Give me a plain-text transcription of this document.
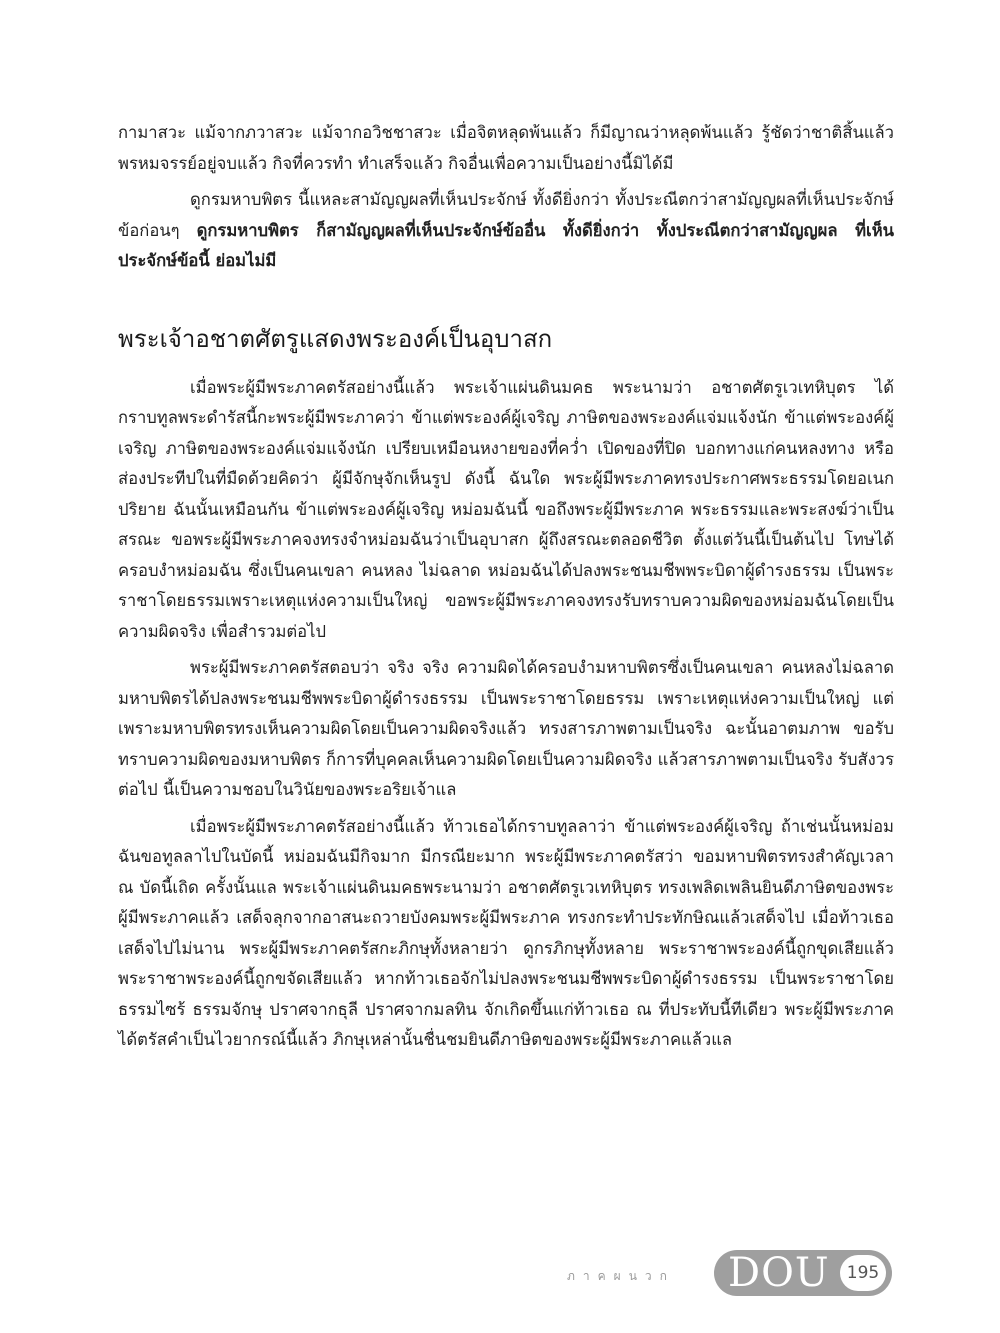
กามาสวะ แม้จากภวาสวะ แม้จากอวิชชาสวะ เมื่อจิตหลุดพ้นแล้ว ก็มีญาณว่าหลุดพ้นแล้ว รู้ชัดว่าชาติสิ้นแล้ว พรหมจรรย์อยู่จบแล้ว กิจที่ควรทำ ทำเสร็จแล้ว กิจอื่นเพื่อความเป็นอย่างนี้มิได้มี

ดูกรมหาบพิตร นี้แหละสามัญญผลที่เห็นประจักษ์ ทั้งดียิ่งกว่า ทั้งประณีตกว่าสามัญญผลที่เห็นประจักษ์ข้อก่อนๆ ดูกรมหาบพิตร ก็สามัญญผลที่เห็นประจักษ์ข้ออื่น ทั้งดียิ่งกว่า ทั้งประณีตกว่าสามัญญผล ที่เห็นประจักษ์ข้อนี้ ย่อมไม่มี

พระเจ้าอชาตศัตรูแสดงพระองค์เป็นอุบาสก

เมื่อพระผู้มีพระภาคตรัสอย่างนี้แล้ว พระเจ้าแผ่นดินมคธ พระนามว่า อชาตศัตรูเวเทหิบุตร ได้กราบทูลพระดำรัสนี้กะพระผู้มีพระภาคว่า ข้าแต่พระองค์ผู้เจริญ ภาษิตของพระองค์แจ่มแจ้งนัก ข้าแต่พระองค์ผู้เจริญ ภาษิตของพระองค์แจ่มแจ้งนัก เปรียบเหมือนหงายของที่คว่ำ เปิดของที่ปิด บอกทางแก่คนหลงทาง หรือส่องประทีปในที่มืดด้วยคิดว่า ผู้มีจักษุจักเห็นรูป ดังนี้ ฉันใด พระผู้มีพระภาคทรงประกาศพระธรรมโดยอเนกปริยาย ฉันนั้นเหมือนกัน ข้าแต่พระองค์ผู้เจริญ หม่อมฉันนี้ ขอถึงพระผู้มีพระภาค พระธรรมและพระสงฆ์ว่าเป็นสรณะ ขอพระผู้มีพระภาคจงทรงจำหม่อมฉันว่าเป็นอุบาสก ผู้ถึงสรณะตลอดชีวิต ตั้งแต่วันนี้เป็นต้นไป โทษได้ครอบงำหม่อมฉัน ซึ่งเป็นคนเขลา คนหลง ไม่ฉลาด หม่อมฉันได้ปลงพระชนมชีพพระบิดาผู้ดำรงธรรม เป็นพระราชาโดยธรรมเพราะเหตุแห่งความเป็นใหญ่ ขอพระผู้มีพระภาคจงทรงรับทราบความผิดของหม่อมฉันโดยเป็นความผิดจริง เพื่อสำรวมต่อไป

พระผู้มีพระภาคตรัสตอบว่า จริง จริง ความผิดได้ครอบงำมหาบพิตรซึ่งเป็นคนเขลา คนหลงไม่ฉลาด มหาบพิตรได้ปลงพระชนมชีพพระบิดาผู้ดำรงธรรม เป็นพระราชาโดยธรรม เพราะเหตุแห่งความเป็นใหญ่ แต่เพราะมหาบพิตรทรงเห็นความผิดโดยเป็นความผิดจริงแล้ว ทรงสารภาพตามเป็นจริง ฉะนั้นอาตมภาพ ขอรับทราบความผิดของมหาบพิตร ก็การที่บุคคลเห็นความผิดโดยเป็นความผิดจริง แล้วสารภาพตามเป็นจริง รับสังวรต่อไป นี้เป็นความชอบในวินัยของพระอริยเจ้าแล

เมื่อพระผู้มีพระภาคตรัสอย่างนี้แล้ว ท้าวเธอได้กราบทูลลาว่า ข้าแต่พระองค์ผู้เจริญ ถ้าเช่นนั้นหม่อมฉันขอทูลลาไปในบัดนี้ หม่อมฉันมีกิจมาก มีกรณียะมาก พระผู้มีพระภาคตรัสว่า ขอมหาบพิตรทรงสำคัญเวลา ณ บัดนี้เถิด ครั้งนั้นแล พระเจ้าแผ่นดินมคธพระนามว่า อชาตศัตรูเวเทหิบุตร ทรงเพลิดเพลินยินดีภาษิตของพระผู้มีพระภาคแล้ว เสด็จลุกจากอาสนะถวายบังคมพระผู้มีพระภาค ทรงกระทำประทักษิณแล้วเสด็จไป เมื่อท้าวเธอเสด็จไปไม่นาน พระผู้มีพระภาคตรัสกะภิกษุทั้งหลายว่า ดูกรภิกษุทั้งหลาย พระราชาพระองค์นี้ถูกขุดเสียแล้ว พระราชาพระองค์นี้ถูกขจัดเสียแล้ว หากท้าวเธอจักไม่ปลงพระชนมชีพพระบิดาผู้ดำรงธรรม เป็นพระราชาโดยธรรมไซร้ ธรรมจักษุ ปราศจากธุลี ปราศจากมลทิน จักเกิดขึ้นแก่ท้าวเธอ ณ ที่ประทับนี้ทีเดียว พระผู้มีพระภาคได้ตรัสคำเป็นไวยากรณ์นี้แล้ว ภิกษุเหล่านั้นชื่นชมยินดีภาษิตของพระผู้มีพระภาคแล้วแล

ภาคผนวก DOU	195
